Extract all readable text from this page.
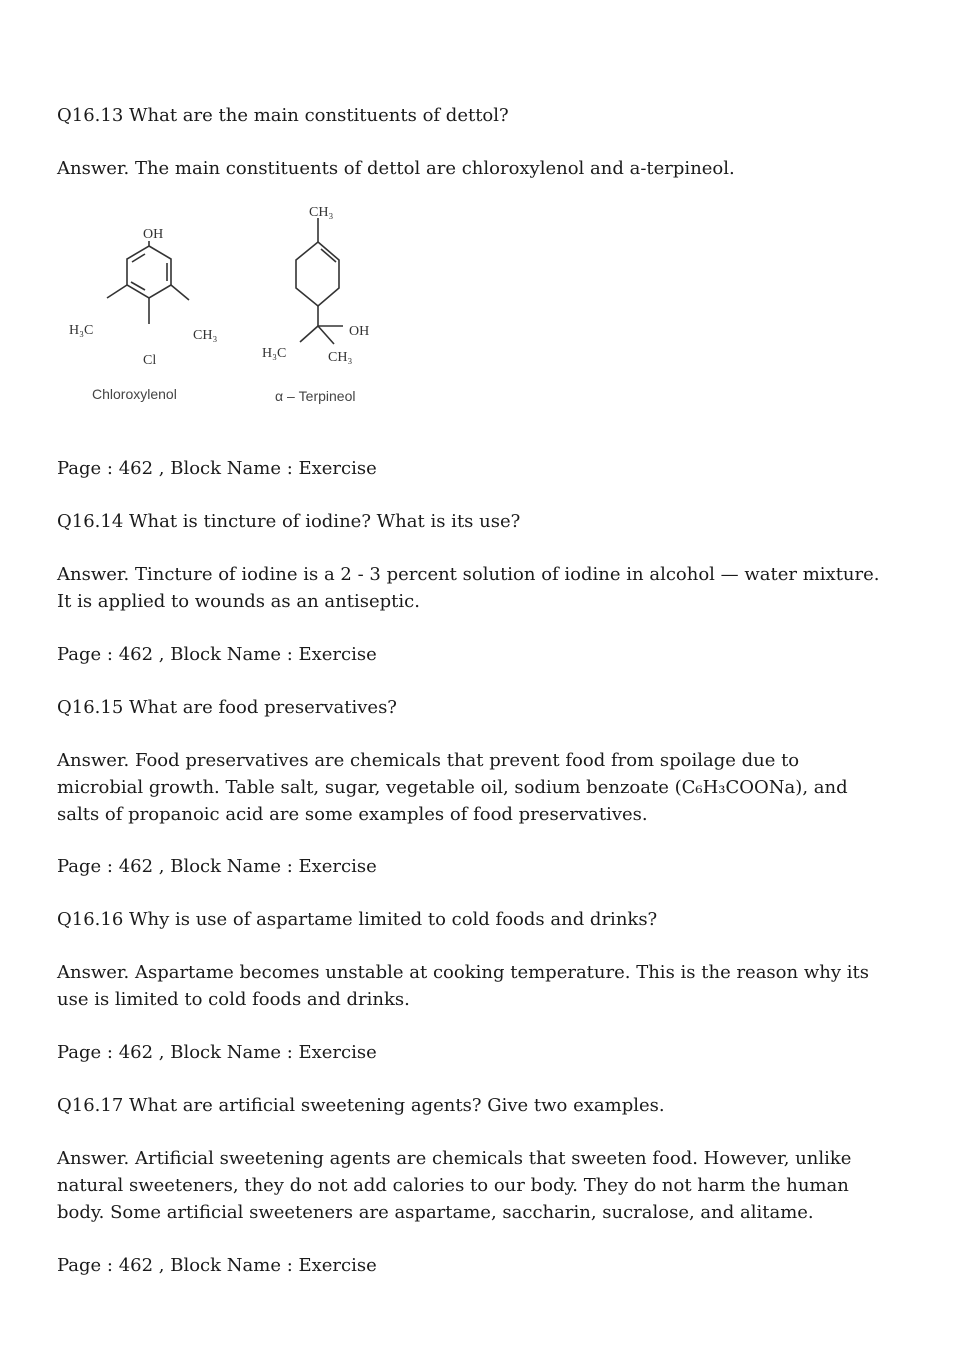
Q16.13 What are the main constituents of dettol?

Answer. The main constituents of dettol are chloroxylenol and a-terpineol.

OH
H₃C	CH₃
Cl
Chloroxylenol
CH₃
OH
H₃C	CH₃
α – Terpineol

Page : 462 , Block Name : Exercise

Q16.14 What is tincture of iodine? What is its use?

Answer. Tincture of iodine is a 2 - 3 percent solution of iodine in alcohol — water mixture. It is applied to wounds as an antiseptic.

Page : 462 , Block Name : Exercise

Q16.15 What are food preservatives?

Answer. Food preservatives are chemicals that prevent food from spoilage due to microbial growth. Table salt, sugar, vegetable oil, sodium benzoate (C₆H₃COONa), and salts of propanoic acid are some examples of food preservatives.

Page : 462 , Block Name : Exercise

Q16.16 Why is use of aspartame limited to cold foods and drinks?

Answer. Aspartame becomes unstable at cooking temperature. This is the reason why its use is limited to cold foods and drinks.

Page : 462 , Block Name : Exercise

Q16.17 What are artificial sweetening agents? Give two examples.

Answer. Artificial sweetening agents are chemicals that sweeten food. However, unlike natural sweeteners, they do not add calories to our body. They do not harm the human body. Some artificial sweeteners are aspartame, saccharin, sucralose, and alitame.

Page : 462 , Block Name : Exercise
